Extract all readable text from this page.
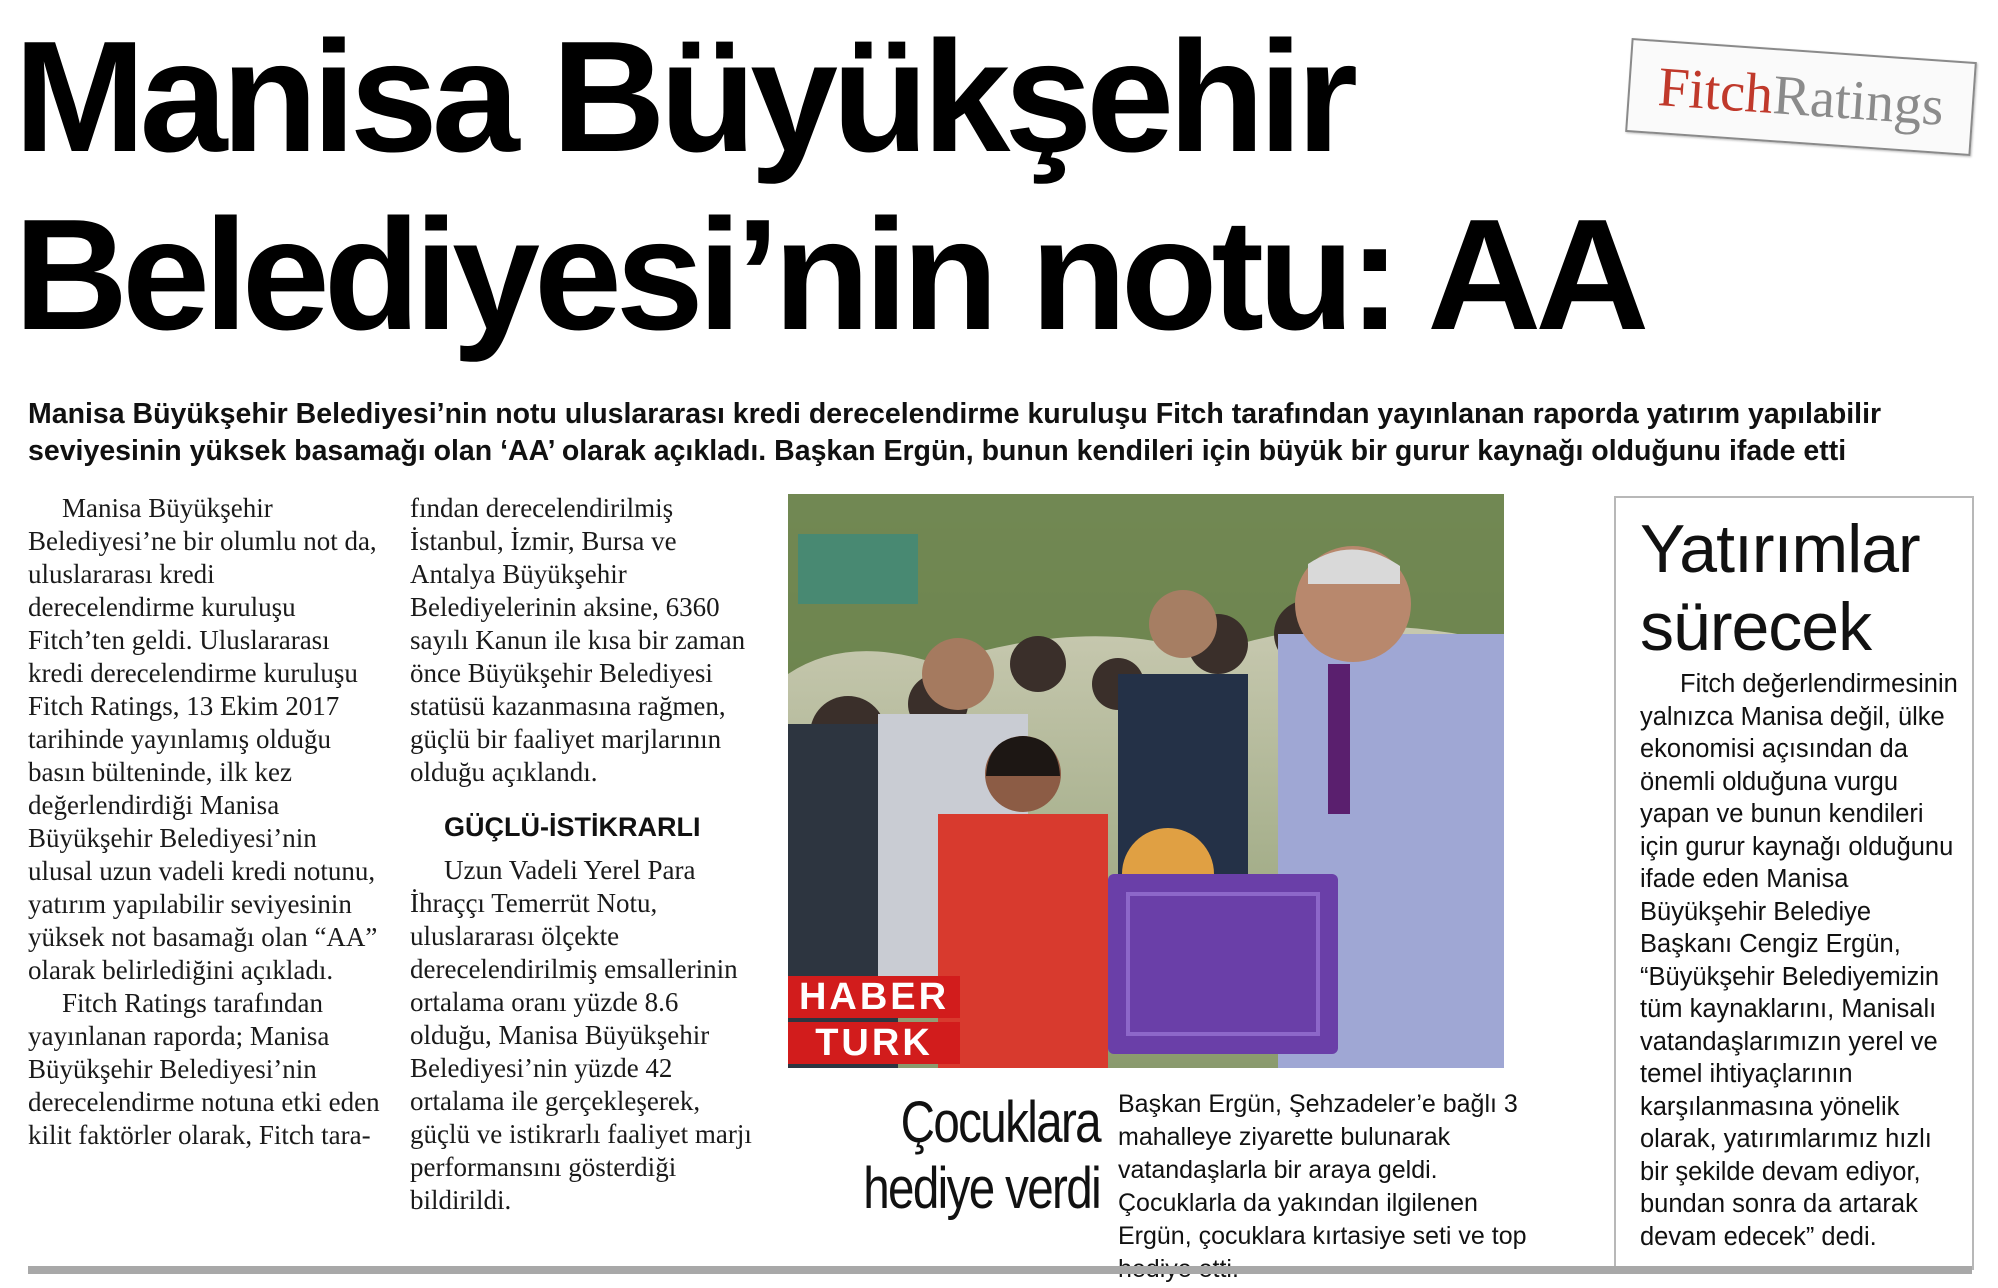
Manisa Büyükşehir
Belediyesi’nin notu: AA
Fitch
Ratings

Manisa Büyükşehir Belediyesi’nin notu uluslararası kredi derecelendirme kuruluşu Fitch tarafından yayınlanan raporda yatırım yapılabilir seviyesinin yüksek basamağı olan ‘AA’ olarak açıkladı. Başkan Ergün, bunun kendileri için büyük bir gurur kaynağı olduğunu ifade etti

Manisa Büyükşehir Belediyesi’ne bir olumlu not da, uluslararası kredi derecelendirme kuruluşu Fitch’ten geldi. Uluslararası kredi derecelendirme kuruluşu Fitch Ratings, 13 Ekim 2017 tarihinde yayınlamış olduğu basın bülteninde, ilk kez değerlendirdiği Manisa Büyükşehir Belediyesi’nin ulusal uzun vadeli kredi notunu, yatırım yapılabilir seviyesinin yüksek not basamağı olan “AA” olarak belirlediğini açıkladı.

Fitch Ratings tarafından yayınlanan raporda; Manisa Büyükşehir Belediyesi’nin derecelendirme notuna etki eden kilit faktörler olarak, Fitch tara-

fından derecelendirilmiş İstanbul, İzmir, Bursa ve Antalya Büyükşehir Belediyelerinin aksine, 6360 sayılı Kanun ile kısa bir zaman önce Büyükşehir Belediyesi statüsü kazanmasına rağmen, güçlü bir faaliyet marjlarının olduğu açıklandı.

GÜÇLÜ-İSTİKRARLI

Uzun Vadeli Yerel Para İhraççı Temerrüt Notu, uluslararası ölçekte derecelendirilmiş emsallerinin ortalama oranı yüzde 8.6 olduğu, Manisa Büyükşehir Belediyesi’nin yüzde 42 ortalama ile gerçekleşerek, güçlü ve istikrarlı faaliyet marjı performansını gösterdiği bildirildi.

HABER
TURK
Çocuklara
hediye verdi

Başkan Ergün, Şehzadeler’e bağlı 3 mahalleye ziyarette bulunarak vatandaşlarla bir araya geldi. Çocuklarla da yakından ilgilenen Ergün, çocuklara kırtasiye seti ve top

Yatırımlar
sürecek

Fitch değerlendirmesinin yalnızca Manisa değil, ülke ekonomisi açısından da önemli olduğuna vurgu yapan ve bunun kendileri için gurur kaynağı olduğunu ifade eden Manisa Büyükşehir Belediye Başkanı Cengiz Ergün, “Büyükşehir Belediyemizin tüm kaynaklarını, Manisalı vatandaşlarımızın yerel ve temel ihtiyaçlarının karşılanmasına yönelik olarak, yatırımlarımız hızlı bir şekilde devam ediyor, bundan sonra da artarak devam edecek” dedi.
